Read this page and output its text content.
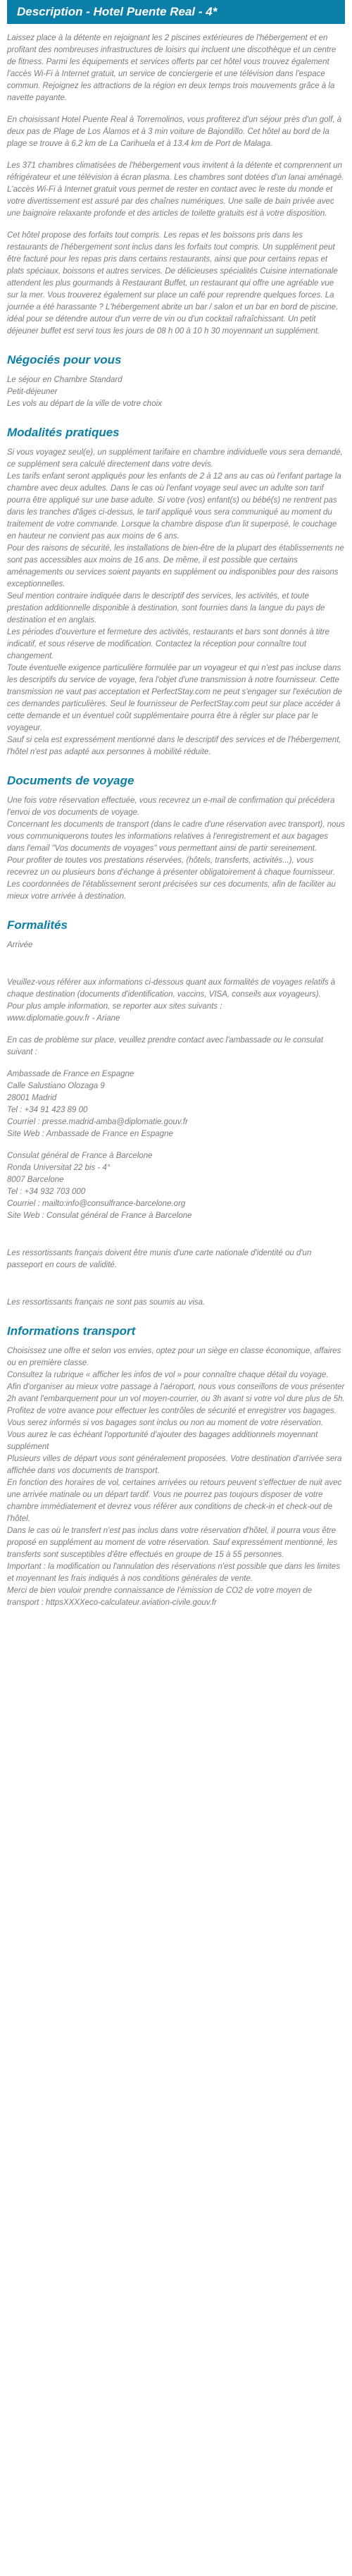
Description - Hotel Puente Real - 4*

Laissez place à la détente en rejoignant les 2 piscines extérieures de l'hébergement et en profitant des nombreuses infrastructures de loisirs qui incluent une discothèque et un centre de fitness. Parmi les équipements et services offerts par cet hôtel vous trouvez également l'accès Wi-Fi à Internet gratuit, un service de conciergerie et une télévision dans l'espace commun. Rejoignez les attractions de la région en deux temps trois mouvements grâce à la navette payante.

En choisissant Hotel Puente Real à Torremolinos, vous profiterez d'un séjour près d'un golf, à deux pas de Plage de Los Álamos et à 3 min voiture de Bajondillo. Cet hôtel au bord de la plage se trouve à 6,2 km de La Carihuela et à 13,4 km de Port de Malaga.

Les 371 chambres climatisées de l'hébergement vous invitent à la détente et comprennent un réfrigérateur et une télévision à écran plasma. Les chambres sont dotées d'un lanai aménagé. L'accès Wi-Fi à Internet gratuit vous permet de rester en contact avec le reste du monde et votre divertissement est assuré par des chaînes numériques. Une salle de bain privée avec une baignoire relaxante profonde et des articles de toilette gratuits est à votre disposition.

Cet hôtel propose des forfaits tout compris. Les repas et les boissons pris dans les restaurants de l'hébergement sont inclus dans les forfaits tout compris. Un supplément peut être facturé pour les repas pris dans certains restaurants, ainsi que pour certains repas et plats spéciaux, boissons et autres services. De délicieuses spécialités Cuisine internationale attendent les plus gourmands à Restaurant Buffet, un restaurant qui offre une agréable vue sur la mer. Vous trouverez également sur place un café pour reprendre quelques forces. La journée a été harassante ? L'hébergement abrite un bar / salon et un bar en bord de piscine, idéal pour se détendre autour d'un verre de vin ou d'un cocktail rafraîchissant. Un petit déjeuner buffet est servi tous les jours de 08 h 00 à 10 h 30 moyennant un supplément.

Négociés pour vous
Le séjour en Chambre Standard
Petit-déjeuner
Les vols au départ de la ville de votre choix
Modalités pratiques
Si vous voyagez seul(e), un supplément tarifaire en chambre individuelle vous sera demandé, ce supplément sera calculé directement dans votre devis.
Les tarifs enfant seront appliqués pour les enfants de 2 à 12 ans au cas où l'enfant partage la chambre avec deux adultes. Dans le cas où l'enfant voyage seul avec un adulte son tarif pourra être appliqué sur une base adulte. Si votre (vos) enfant(s) ou bébé(s) ne rentrent pas dans les tranches d'âges ci-dessus, le tarif appliqué vous sera communiqué au moment du traitement de votre commande. Lorsque la chambre dispose d'un lit superposé, le couchage en hauteur ne convient pas aux moins de 6 ans.
Pour des raisons de sécurité, les installations de bien-être de la plupart des établissements ne sont pas accessibles aux moins de 16 ans. De même, il est possible que certains aménagements ou services soient payants en supplément ou indisponibles pour des raisons exceptionnelles.
Seul mention contraire indiquée dans le descriptif des services, les activités, et toute prestation additionnelle disponible à destination, sont fournies dans la langue du pays de destination et en anglais.
Les périodes d'ouverture et fermeture des activités, restaurants et bars sont donnés à titre indicatif, et sous réserve de modification. Contactez la réception pour connaître tout changement.
Toute éventuelle exigence particulière formulée par un voyageur et qui n'est pas incluse dans les descriptifs du service de voyage, fera l'objet d'une transmission à notre fournisseur. Cette transmission ne vaut pas acceptation et PerfectStay.com ne peut s'engager sur l'exécution de ces demandes particulières. Seul le fournisseur de PerfectStay.com peut sur place accéder à cette demande et un éventuel coût supplémentaire pourra être à régler sur place par le voyageur.
Sauf si cela est expressément mentionné dans le descriptif des services et de l'hébergement, l'hôtel n'est pas adapté aux personnes à mobilité réduite.
Documents de voyage
Une fois votre réservation effectuée, vous recevrez un e-mail de confirmation qui précédera l'envoi de vos documents de voyage.
Concernant les documents de transport (dans le cadre d'une réservation avec transport), nous vous communiquerons toutes les informations relatives à l'enregistrement et aux bagages dans l'email "Vos documents de voyages" vous permettant ainsi de partir sereinement.
Pour profiter de toutes vos prestations réservées, (hôtels, transferts, activités...), vous recevrez un ou plusieurs bons d'échange à présenter obligatoirement à chaque fournisseur.
Les coordonnées de l'établissement seront précisées sur ces documents, afin de faciliter au mieux votre arrivée à destination.
Formalités

Arrivée

Veuillez-vous référer aux informations ci-dessous quant aux formalités de voyages relatifs à chaque destination (documents d'identification, vaccins, VISA, conseils aux voyageurs).
Pour plus ample information, se reporter aux sites suivants :
www.diplomatie.gouv.fr - Ariane

En cas de problème sur place, veuillez prendre contact avec l'ambassade ou le consulat suivant :

Ambassade de France en Espagne
Calle Salustiano Olozaga 9
28001 Madrid
Tel : +34 91 423 89 00
Courriel : presse.madrid-amba@diplomatie.gouv.fr
Site Web : Ambassade de France en Espagne
Consulat général de France à Barcelone
Ronda Universitat 22 bis - 4°
8007 Barcelone
Tel : +34 932 703 000
Courriel : mailto:info@consulfrance-barcelone.org
Site Web : Consulat général de France à Barcelone

Les ressortissants français doivent être munis d'une carte nationale d'identité ou d'un passeport en cours de validité.

Les ressortissants français ne sont pas soumis au visa.

Informations transport
Choisissez une offre et selon vos envies, optez pour un siège en classe économique, affaires ou en première classe.
Consultez la rubrique « afficher les infos de vol » pour connaître chaque détail du voyage.
Afin d'organiser au mieux votre passage à l'aéroport, nous vous conseillons de vous présenter 2h avant l'embarquement pour un vol moyen-courrier, ou 3h avant si votre vol dure plus de 5h. Profitez de votre avance pour effectuer les contrôles de sécurité et enregistrer vos bagages.
Vous serez informés si vos bagages sont inclus ou non au moment de votre réservation.
Vous aurez le cas échéant l'opportunité d'ajouter des bagages additionnels moyennant supplément
Plusieurs villes de départ vous sont généralement proposées. Votre destination d'arrivée sera affichée dans vos documents de transport.
En fonction des horaires de vol, certaines arrivées ou retours peuvent s'effectuer de nuit avec une arrivée matinale ou un départ tardif. Vous ne pourrez pas toujours disposer de votre chambre immédiatement et devrez vous référer aux conditions de check-in et check-out de l'hôtel.
Dans le cas où le transfert n'est pas inclus dans votre réservation d'hôtel, il pourra vous être proposé en supplément au moment de votre réservation. Sauf expressément mentionné, les transferts sont susceptibles d'être effectués en groupe de 15 à 55 personnes.
Important : la modification ou l'annulation des réservations n'est possible que dans les limites et moyennant les frais indiqués à nos conditions générales de vente.
Merci de bien vouloir prendre connaissance de l'émission de CO2 de votre moyen de transport : httpsXXXXeco-calculateur.aviation-civile.gouv.fr
